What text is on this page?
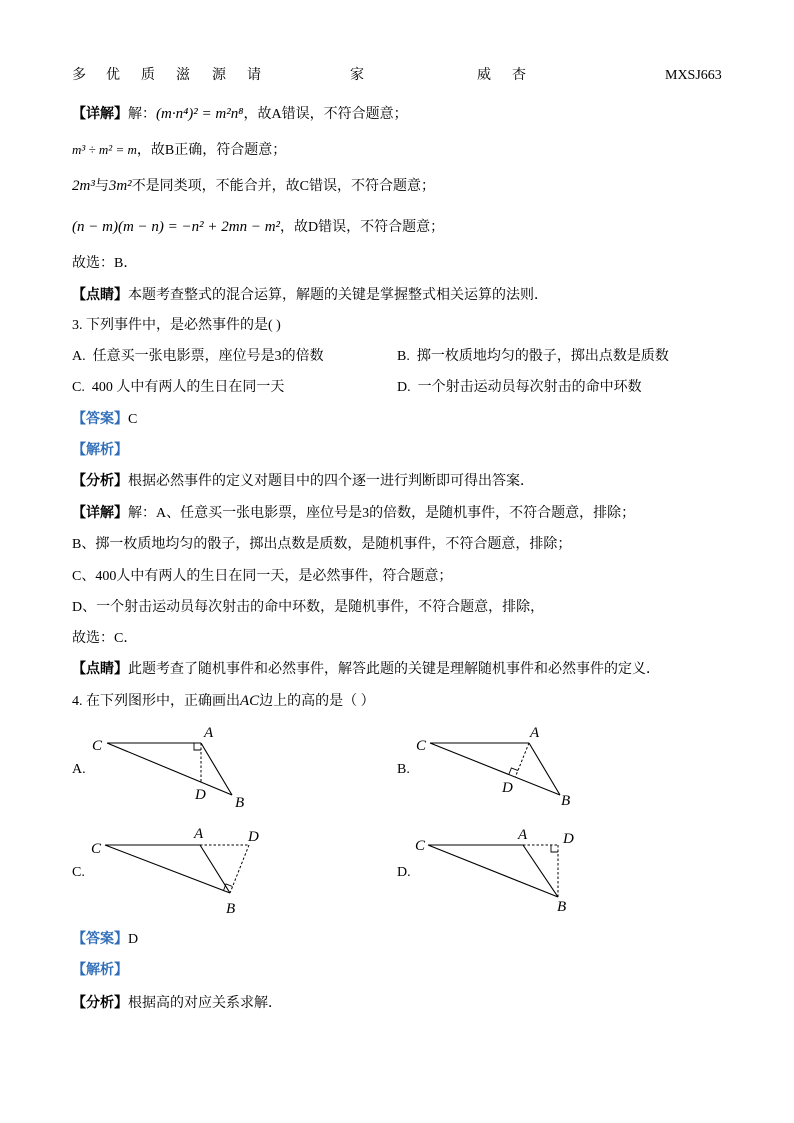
多 优 质 滋 源 请	家	威 杏	MXSJ663
【详解】解：(m·n⁴)² = m²n⁸，故A错误，不符合题意；
m³ ÷ m² = m，故B正确，符合题意；
2m³与3m²不是同类项，不能合并，故C错误，不符合题意；
(n − m)(m − n) = −n² + 2mn − m²，故D错误，不符合题意；
故选：B．
【点睛】本题考查整式的混合运算，解题的关键是掌握整式相关运算的法则．
3. 下列事件中，是必然事件的是( )
A. 任意买一张电影票，座位号是3的倍数	B. 掷一枚质地均匀的骰子，掷出点数是质数
C. 400 人中有两人的生日在同一天	D. 一个射击运动员每次射击的命中环数
【答案】C
【解析】
【分析】根据必然事件的定义对题目中的四个逐一进行判断即可得出答案．
【详解】解：A、任意买一张电影票，座位号是3的倍数，是随机事件，不符合题意，排除；
B、掷一枚质地均匀的骰子，掷出点数是质数，是随机事件，不符合题意，排除；
C、400人中有两人的生日在同一天，是必然事件，符合题意；
D、一个射击运动员每次射击的命中环数，是随机事件，不符合题意，排除，
故选：C．
【点睛】此题考查了随机事件和必然事件，解答此题的关键是理解随机事件和必然事件的定义．
4. 在下列图形中，正确画出AC边上的高的是（ ）
A.	B.
C.	D.
C
A
D B
C
A
D
B
C
A	D
B
C
A D
B
【答案】D
【解析】
【分析】根据高的对应关系求解．
